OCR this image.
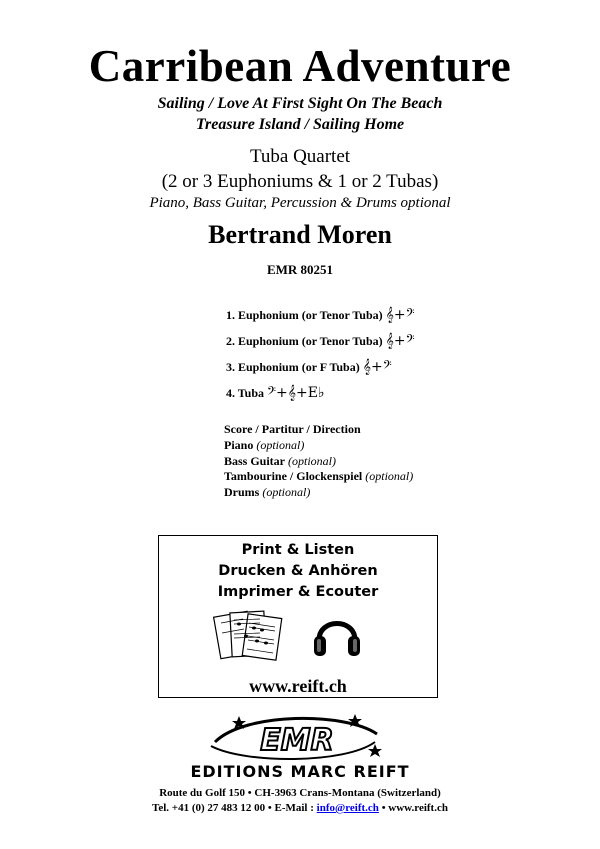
Carribean Adventure
Sailing / Love At First Sight On The Beach
Treasure Island / Sailing Home
Tuba Quartet
(2 or 3 Euphoniums & 1 or 2 Tubas)
Piano, Bass Guitar, Percussion & Drums optional
Bertrand Moren
EMR 80251
1. Euphonium (or Tenor Tuba) 𝄞+𝄢
2. Euphonium (or Tenor Tuba) 𝄞+𝄢
3. Euphonium (or F Tuba) 𝄞+𝄢
4. Tuba 𝄢+𝄞+E♭
Score / Partitur / Direction
Piano (optional)
Bass Guitar (optional)
Tambourine / Glockenspiel (optional)
Drums (optional)
Print & Listen
Drucken & Anhören
Imprimer & Ecouter
www.reift.ch
EMR
EDITIONS MARC REIFT
Route du Golf 150 • CH-3963 Crans-Montana (Switzerland)
Tel. +41 (0) 27 483 12 00 • E-Mail : info@reift.ch • www.reift.ch
